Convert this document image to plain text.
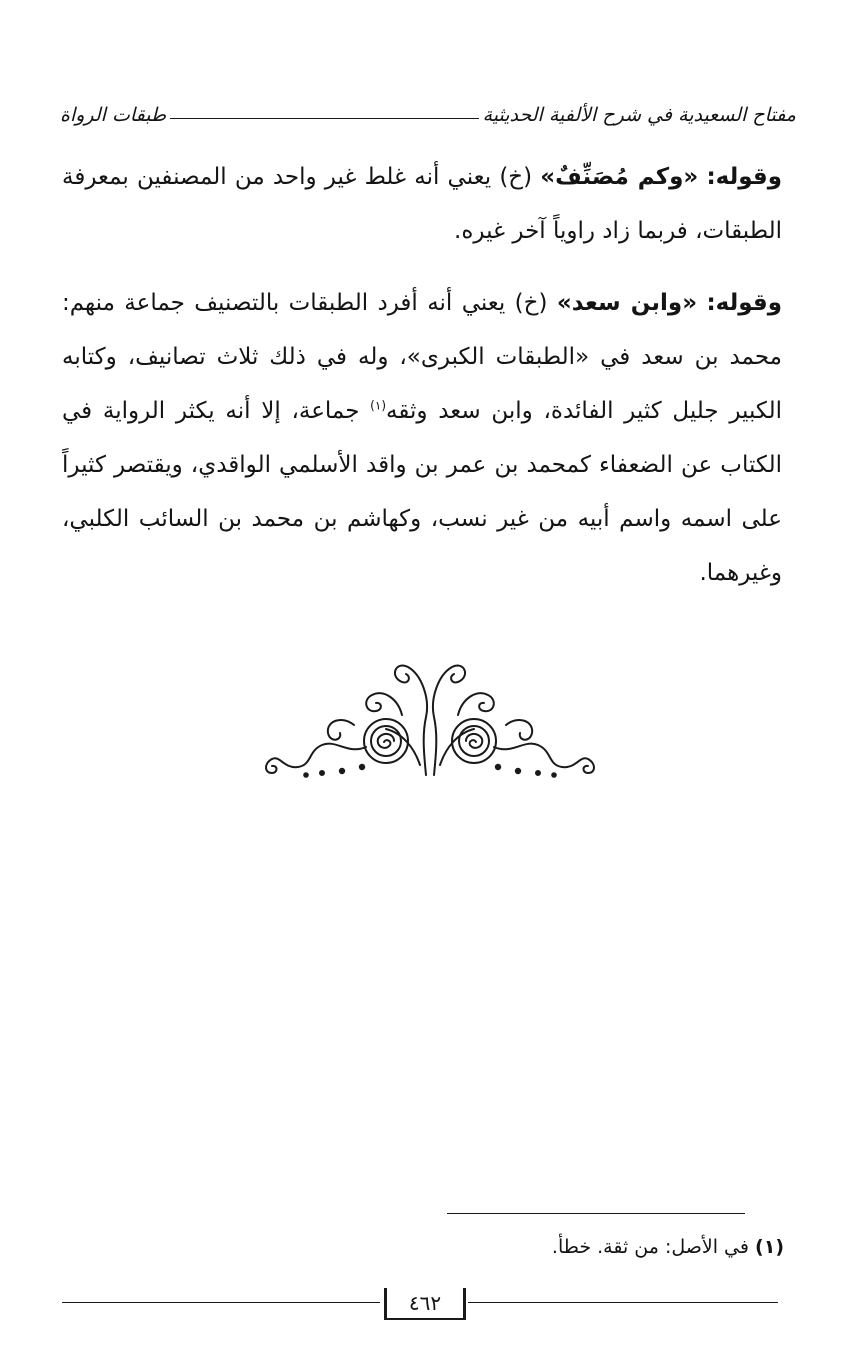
مفتاح السعيدية في شرح الألفية الحديثية
طبقات الرواة

وقوله: «وكم مُصَنِّفٌ» (خ) يعني أنه غلط غير واحد من المصنفين بمعرفة الطبقات، فربما زاد راوياً آخر غيره.

وقوله: «وابن سعد» (خ) يعني أنه أفرد الطبقات بالتصنيف جماعة منهم: محمد بن سعد في «الطبقات الكبرى»، وله في ذلك ثلاث تصانيف، وكتابه الكبير جليل كثير الفائدة، وابن سعد وثقه$^{(١)}$ جماعة، إلا أنه يكثر الرواية في الكتاب عن الضعفاء كمحمد بن عمر بن واقد الأسلمي الواقدي، ويقتصر كثيراً على اسمه واسم أبيه من غير نسب، وكهاشم بن محمد بن السائب الكلبي، وغيرهما.

(١) في الأصل: من ثقة. خطأ.
٤٦٢
